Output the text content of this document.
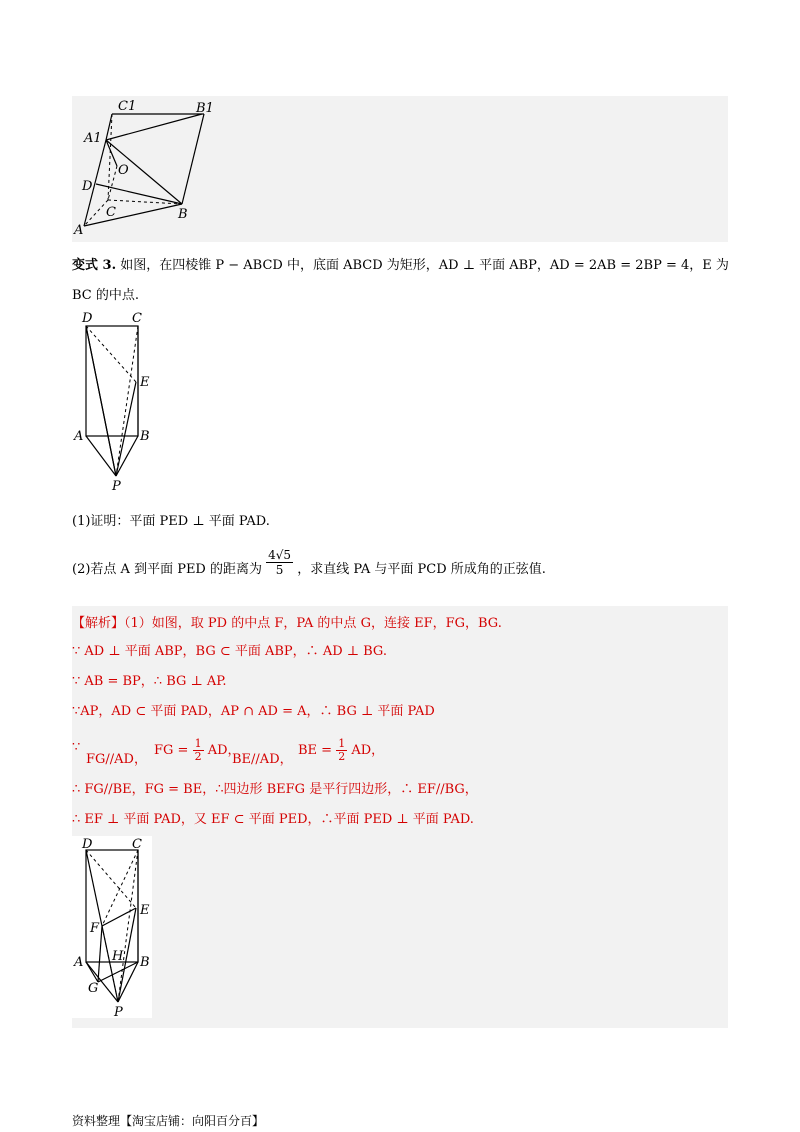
C1	B1
A1
O
D
C	B
A
变式 3. 如图，在四棱锥 P − ABCD 中，底面 ABCD 为矩形，AD ⊥ 平面 ABP，AD = 2AB = 2BP = 4，E 为
BC 的中点.
D	C
E
A	B
P
(1)证明：平面 PED ⊥ 平面 PAD.
(2)若点 A 到平面 PED 的距离为 $\frac{4√5}{5}$ ，求直线 PA 与平面 PCD 所成角的正弦值.
【解析】（1）如图，取 PD 的中点 F，PA 的中点 G，连接 EF，FG，BG.
∵ AD ⊥ 平面 ABP，BG ⊂ 平面 ABP，∴ AD ⊥ BG.
∵ AB = BP，∴ BG ⊥ AP.
∵AP，AD ⊂ 平面 PAD，AP ∩ AD = A，∴ BG ⊥ 平面 PAD
∵
FG//AD，
FG = $\frac{1}{2}$ AD，
BE//AD，
BE = $\frac{1}{2}$ AD，
∴ FG//BE，FG = BE，∴四边形 BEFG 是平行四边形，∴ EF//BG，
∴ EF ⊥ 平面 PAD，又 EF ⊂ 平面 PED，∴平面 PED ⊥ 平面 PAD.
D	C
E
F
A H B
G
P
资料整理【淘宝店铺：向阳百分百】
